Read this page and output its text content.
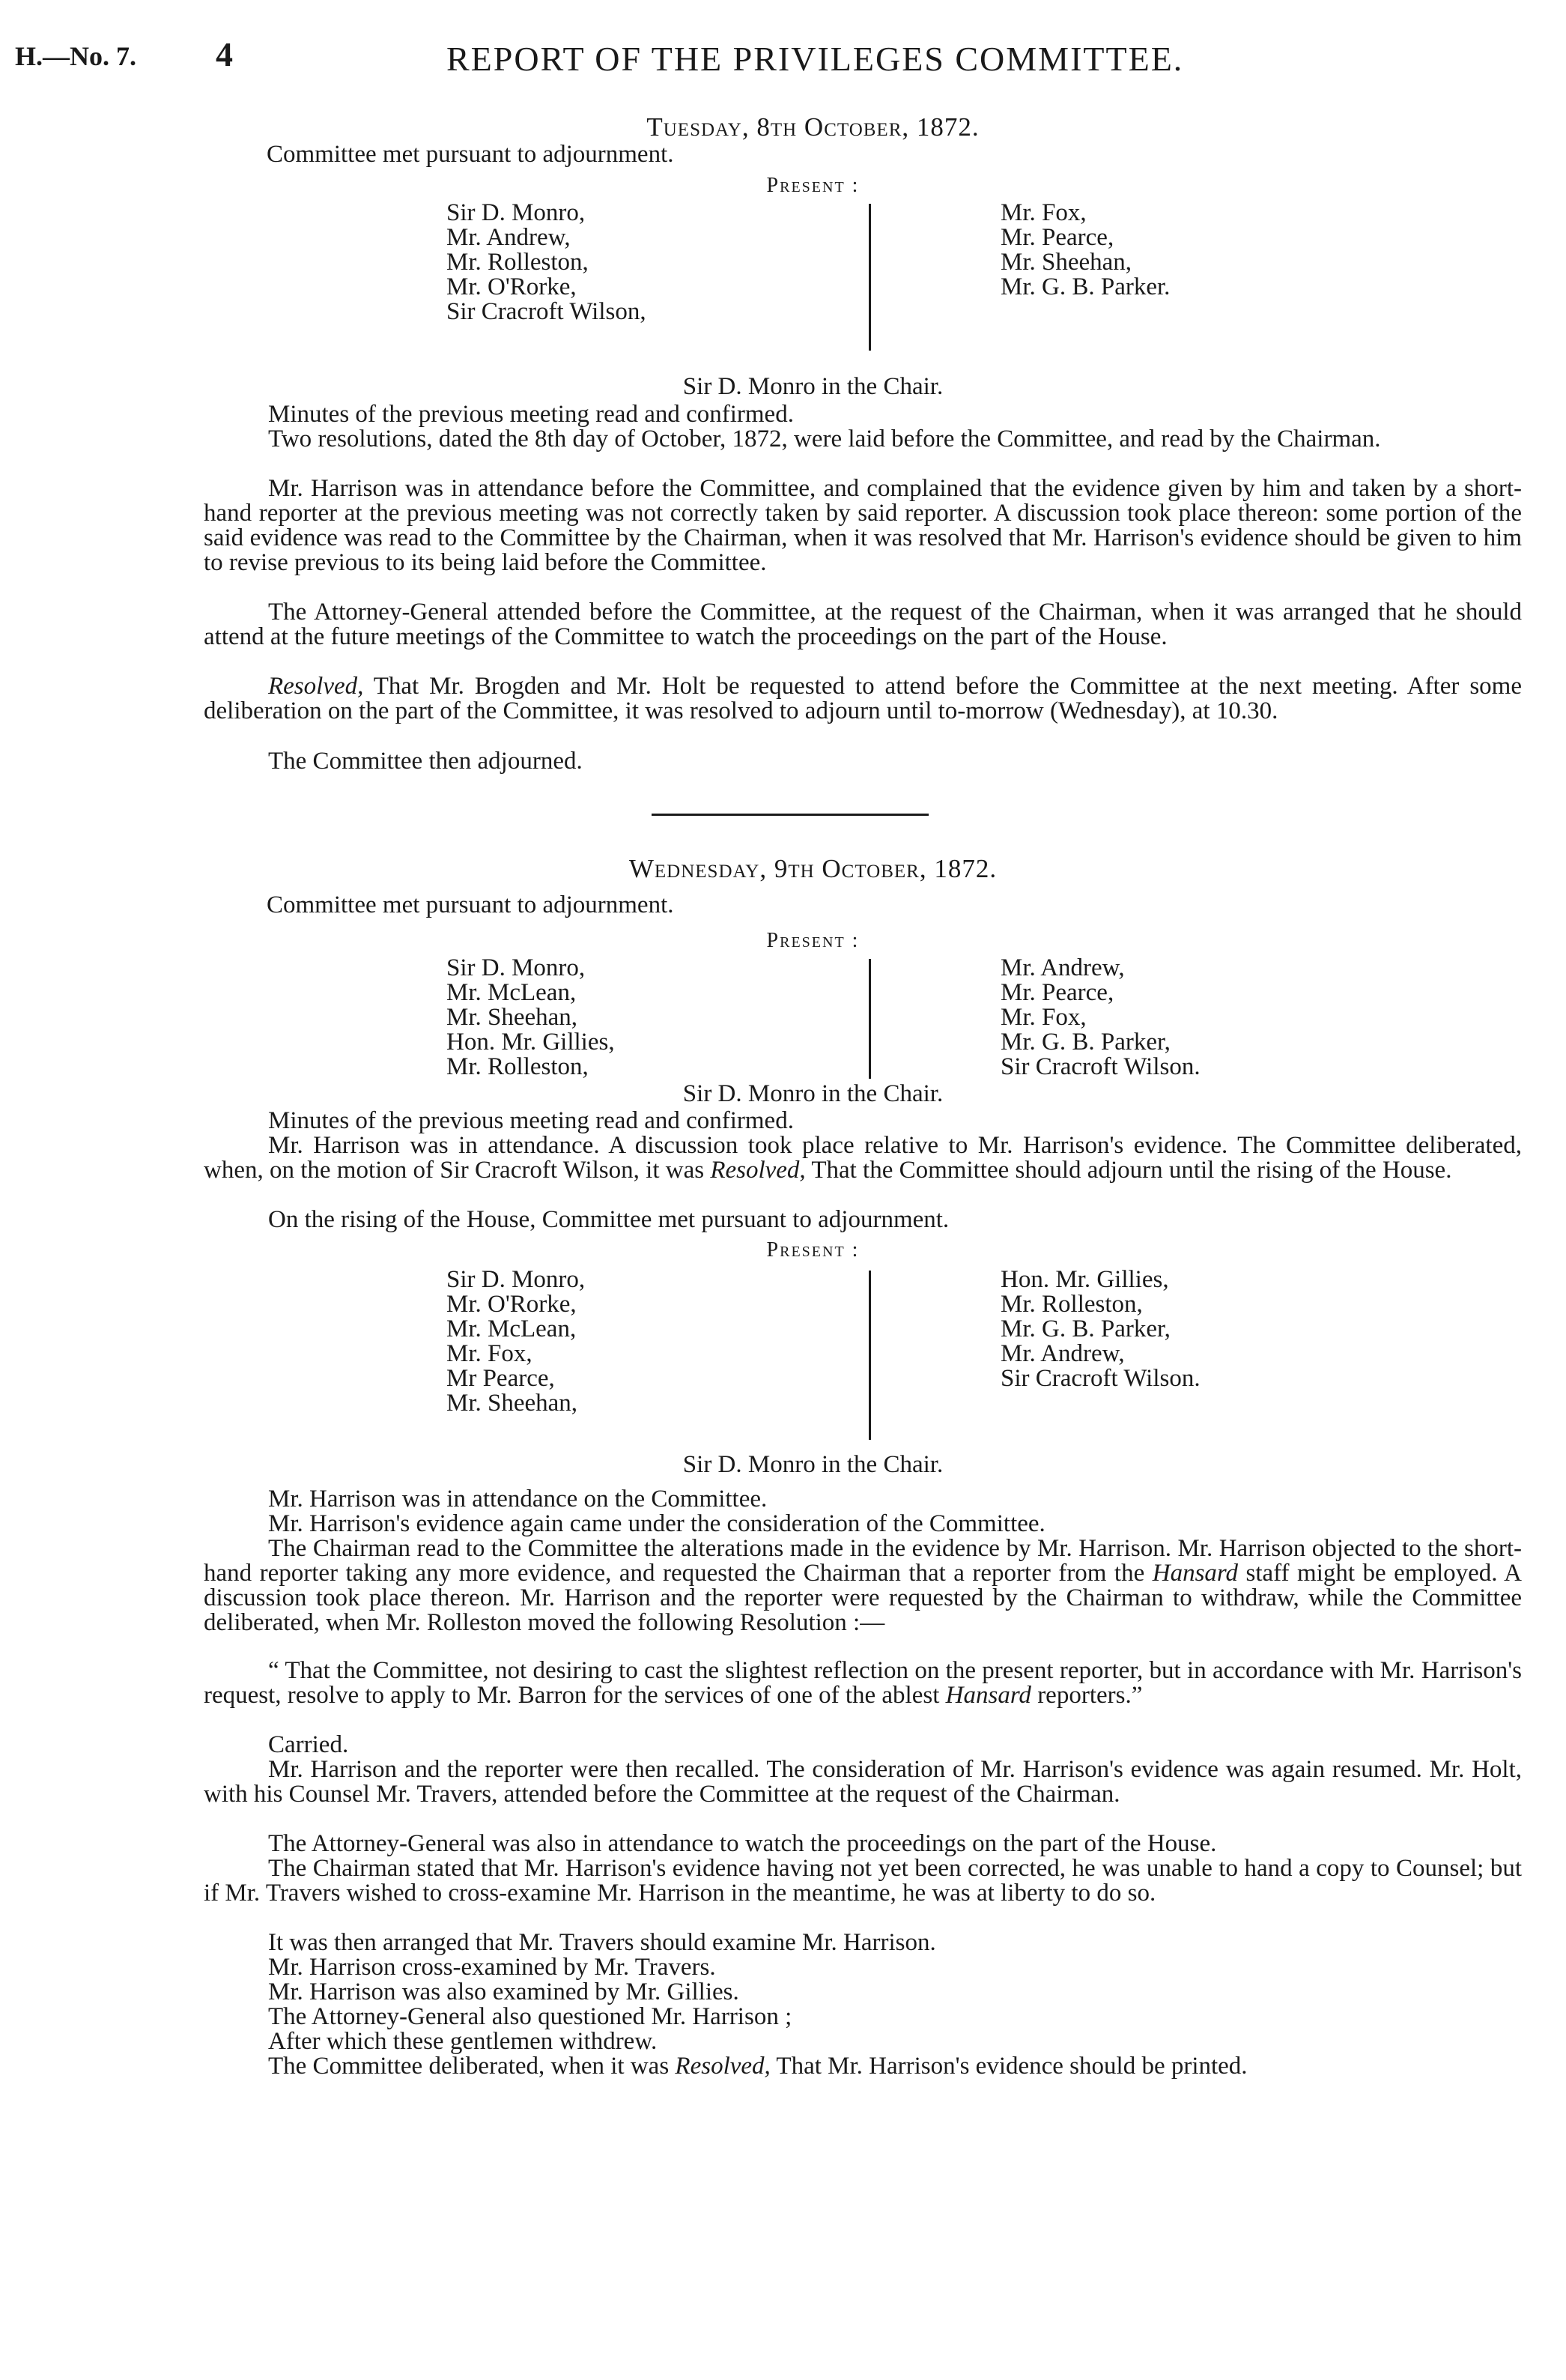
H.—No. 7. 4	REPORT OF THE PRIVILEGES COMMITTEE.
Tuesday, 8th October, 1872.
Committee met pursuant to adjournment.
Present :
Sir D. Monro,
Mr. Andrew,
Mr. Rolleston,
Mr. O'Rorke,
Sir Cracroft Wilson,
Mr. Fox,
Mr. Pearce,
Mr. Sheehan,
Mr. G. B. Parker.
Sir D. Monro in the Chair.
Minutes of the previous meeting read and confirmed.
Two resolutions, dated the 8th day of October, 1872, were laid before the Committee, and read by the Chairman.
Mr. Harrison was in attendance before the Committee, and complained that the evidence given by him and taken by a short-hand reporter at the previous meeting was not correctly taken by said reporter. A discussion took place thereon: some portion of the said evidence was read to the Committee by the Chairman, when it was resolved that Mr. Harrison's evidence should be given to him to revise previous to its being laid before the Committee.
The Attorney-General attended before the Committee, at the request of the Chairman, when it was arranged that he should attend at the future meetings of the Committee to watch the proceedings on the part of the House.
Resolved, That Mr. Brogden and Mr. Holt be requested to attend before the Committee at the next meeting. After some deliberation on the part of the Committee, it was resolved to adjourn until to-morrow (Wednesday), at 10.30.
The Committee then adjourned.
Wednesday, 9th October, 1872.
Committee met pursuant to adjournment.
Present :
Sir D. Monro,
Mr. McLean,
Mr. Sheehan,
Hon. Mr. Gillies,
Mr. Rolleston,
Mr. Andrew,
Mr. Pearce,
Mr. Fox,
Mr. G. B. Parker,
Sir Cracroft Wilson.
Sir D. Monro in the Chair.
Minutes of the previous meeting read and confirmed.
Mr. Harrison was in attendance. A discussion took place relative to Mr. Harrison's evidence. The Committee deliberated, when, on the motion of Sir Cracroft Wilson, it was Resolved, That the Committee should adjourn until the rising of the House.
On the rising of the House, Committee met pursuant to adjournment.
Present :
Sir D. Monro,
Mr. O'Rorke,
Mr. McLean,
Mr. Fox,
Mr Pearce,
Mr. Sheehan,
Hon. Mr. Gillies,
Mr. Rolleston,
Mr. G. B. Parker,
Mr. Andrew,
Sir Cracroft Wilson.
Sir D. Monro in the Chair.
Mr. Harrison was in attendance on the Committee.
Mr. Harrison's evidence again came under the consideration of the Committee.
The Chairman read to the Committee the alterations made in the evidence by Mr. Harrison. Mr. Harrison objected to the short-hand reporter taking any more evidence, and requested the Chairman that a reporter from the Hansard staff might be employed. A discussion took place thereon. Mr. Harrison and the reporter were requested by the Chairman to withdraw, while the Committee deliberated, when Mr. Rolleston moved the following Resolution :—
“ That the Committee, not desiring to cast the slightest reflection on the present reporter, but in accordance with Mr. Harrison's request, resolve to apply to Mr. Barron for the services of one of the ablest Hansard reporters.”
Carried.
Mr. Harrison and the reporter were then recalled. The consideration of Mr. Harrison's evidence was again resumed. Mr. Holt, with his Counsel Mr. Travers, attended before the Committee at the request of the Chairman.
The Attorney-General was also in attendance to watch the proceedings on the part of the House.
The Chairman stated that Mr. Harrison's evidence having not yet been corrected, he was unable to hand a copy to Counsel; but if Mr. Travers wished to cross-examine Mr. Harrison in the meantime, he was at liberty to do so.
It was then arranged that Mr. Travers should examine Mr. Harrison.
Mr. Harrison cross-examined by Mr. Travers.
Mr. Harrison was also examined by Mr. Gillies.
The Attorney-General also questioned Mr. Harrison ;
After which these gentlemen withdrew.
The Committee deliberated, when it was Resolved, That Mr. Harrison's evidence should be printed.
